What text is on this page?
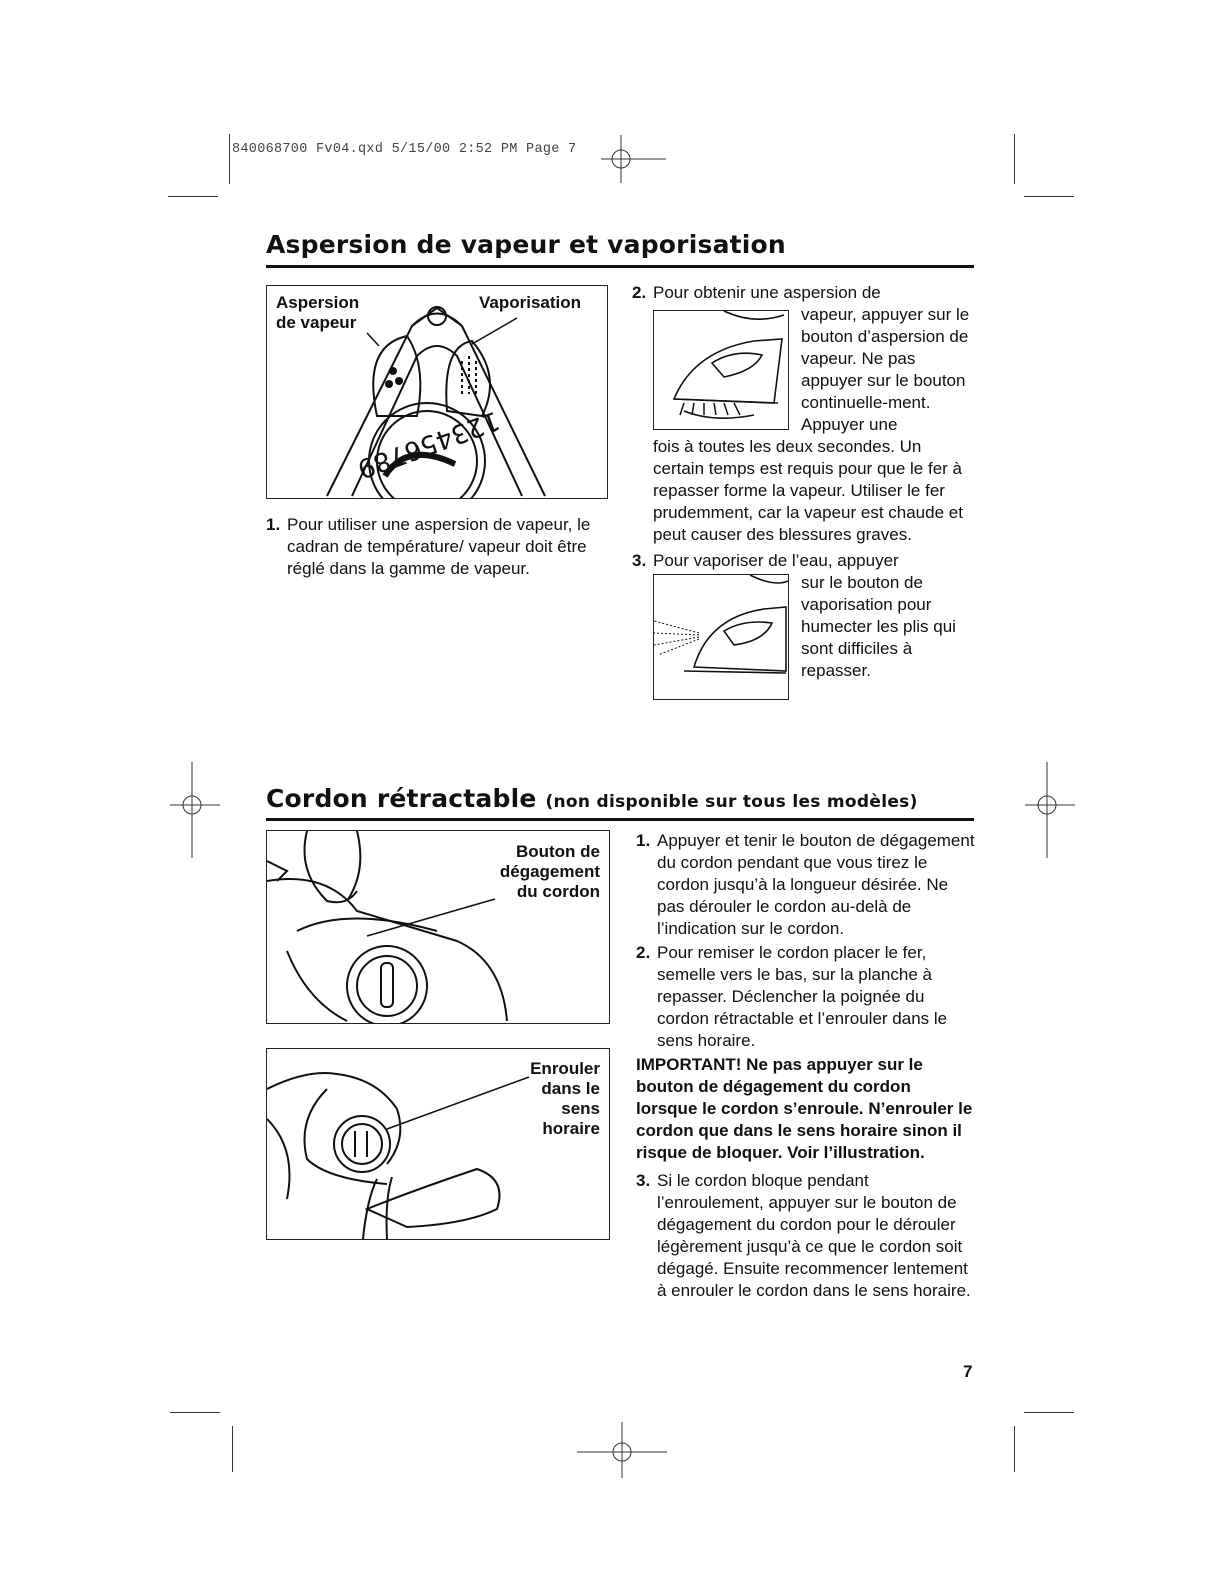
840068700 Fv04.qxd 5/15/00 2:52 PM Page 7
Aspersion de vapeur et vaporisation
123456789
Aspersion
de vapeur
Vaporisation
1. Pour utiliser une aspersion de vapeur, le cadran de température/ vapeur doit être réglé dans la gamme de vapeur.
2. Pour obtenir une aspersion de
vapeur, appuyer sur le bouton d’aspersion de vapeur. Ne pas appuyer sur le bouton continuelle-ment. Appuyer une
fois à toutes les deux secondes. Un certain temps est requis pour que le fer à repasser forme la vapeur. Utiliser le fer prudemment, car la vapeur est chaude et peut causer des blessures graves.
3. Pour vaporiser de l’eau, appuyer
sur le bouton de vaporisation pour humecter les plis qui sont difficiles à repasser.
Cordon rétractable (non disponible sur tous les modèles)
Bouton de
dégagement
du cordon
Enrouler
dans le
sens
horaire
1. Appuyer et tenir le bouton de dégagement du cordon pendant que vous tirez le cordon jusqu’à la longueur désirée. Ne pas dérouler le cordon au-delà de l’indication sur le cordon.
2. Pour remiser le cordon placer le fer, semelle vers le bas, sur la planche à repasser. Déclencher la poignée du cordon rétractable et l’enrouler dans le sens horaire.
IMPORTANT! Ne pas appuyer sur le bouton de dégagement du cordon lorsque le cordon s’enroule. N’enrouler le cordon que dans le sens horaire sinon il risque de bloquer. Voir l’illustration.
3. Si le cordon bloque pendant l’enroulement, appuyer sur le bouton de dégagement du cordon pour le dérouler légèrement jusqu’à ce que le cordon soit dégagé. Ensuite recommencer lentement à enrouler le cordon dans le sens horaire.
7
